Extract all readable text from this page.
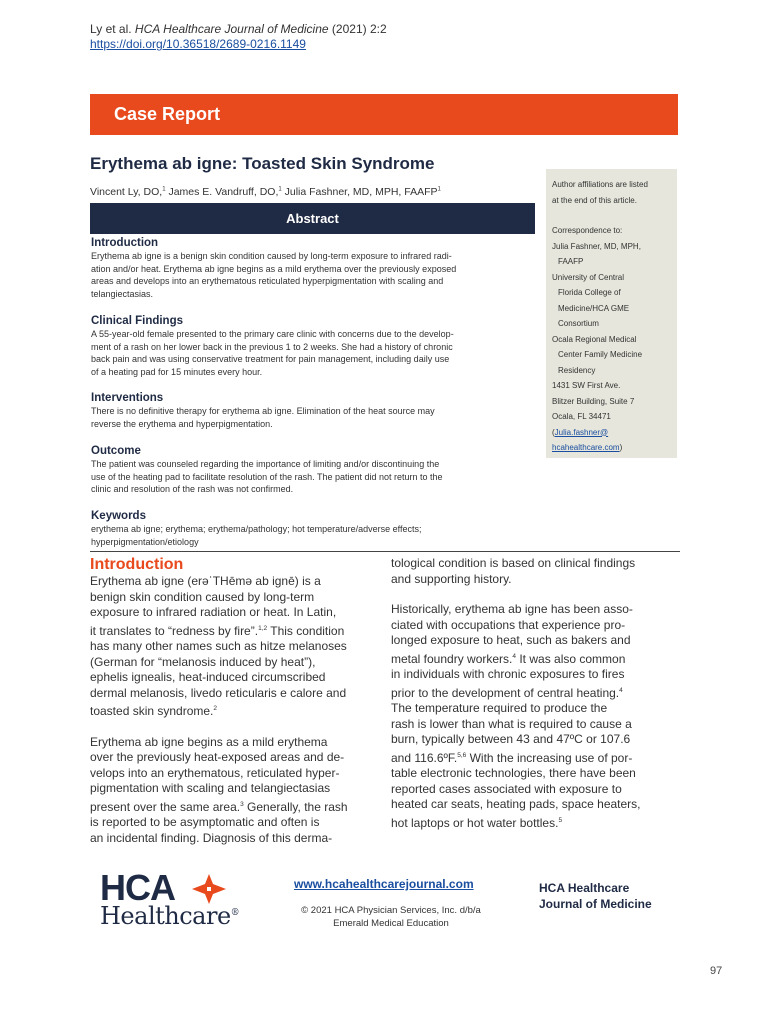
Ly et al. HCA Healthcare Journal of Medicine (2021) 2:2
https://doi.org/10.36518/2689-0216.1149
Case Report
Erythema ab igne: Toasted Skin Syndrome
Vincent Ly, DO,$^1$ James E. Vandruff, DO,$^1$ Julia Fashner, MD, MPH, FAAFP$^1$
Author affiliations are listed
at the end of this article.
Correspondence to:
Julia Fashner, MD, MPH,
FAAFP
University of Central
Florida College of
Medicine/HCA GME
Consortium
Ocala Regional Medical
Center Family Medicine
Residency
1431 SW First Ave.
Blitzer Building, Suite 7
Ocala, FL 34471
(Julia.fashner@
hcahealthcare.com)
Abstract
Introduction

Erythema ab igne is a benign skin condition caused by long-term exposure to infrared radi-

ation and/or heat. Erythema ab igne begins as a mild erythema over the previously exposed

areas and develops into an erythematous reticulated hyperpigmentation with scaling and

telangiectasias.

Clinical Findings

A 55-year-old female presented to the primary care clinic with concerns due to the develop-

ment of a rash on her lower back in the previous 1 to 2 weeks. She had a history of chronic

back pain and was using conservative treatment for pain management, including daily use

of a heating pad for 15 minutes every hour.

Interventions

There is no definitive therapy for erythema ab igne. Elimination of the heat source may

reverse the erythema and hyperpigmentation.

Outcome

The patient was counseled regarding the importance of limiting and/or discontinuing the

use of the heating pad to facilitate resolution of the rash. The patient did not return to the

clinic and resolution of the rash was not confirmed.

Keywords

erythema ab igne; erythema; erythema/pathology; hot temperature/adverse effects;

hyperpigmentation/etiology

Introduction

Erythema ab igne (erəˈTHēmə ab ignē) is a

benign skin condition caused by long-term

exposure to infrared radiation or heat. In Latin,

it translates to “redness by fire”.$^{1,2}$ This condition

has many other names such as hitze melanoses

(German for “melanosis induced by heat”),

ephelis ignealis, heat-induced circumscribed

dermal melanosis, livedo reticularis e calore and

toasted skin syndrome.$^2$

Erythema ab igne begins as a mild erythema

over the previously heat-exposed areas and de-

velops into an erythematous, reticulated hyper-

pigmentation with scaling and telangiectasias

present over the same area.$^3$ Generally, the rash

is reported to be asymptomatic and often is

an incidental finding. Diagnosis of this derma-

tological condition is based on clinical findings

and supporting history.

Historically, erythema ab igne has been asso-

ciated with occupations that experience pro-

longed exposure to heat, such as bakers and

metal foundry workers.$^4$ It was also common

in individuals with chronic exposures to fires

prior to the development of central heating.$^4$

The temperature required to produce the

rash is lower than what is required to cause a

burn, typically between 43 and 47ºC or 107.6

and 116.6ºF.$^{5,6}$ With the increasing use of por-

table electronic technologies, there have been

reported cases associated with exposure to

heated car seats, heating pads, space heaters,

hot laptops or hot water bottles.$^5$

HCA
Healthcare®
www.hcahealthcarejournal.com
© 2021 HCA Physician Services, Inc. d/b/a
Emerald Medical Education
HCA Healthcare
Journal of Medicine
97
